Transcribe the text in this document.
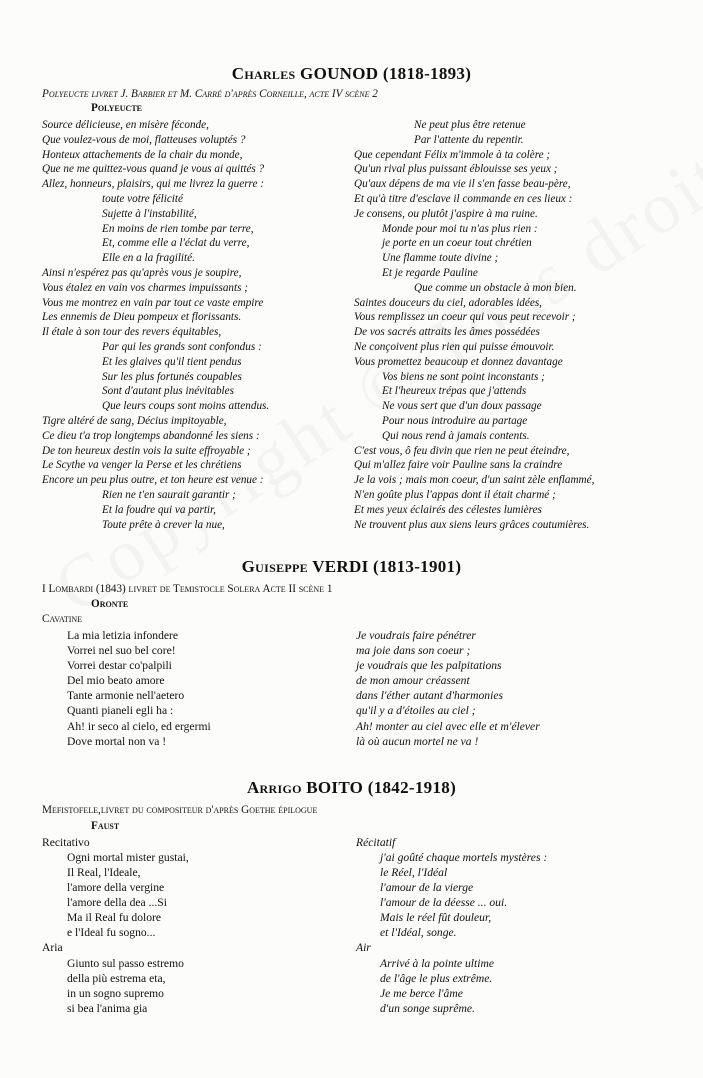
Charles GOUNOD (1818-1893)
Polyeucte livret J. Barbier et M. Carré d'après Corneille, acte IV scène 2
Polyeucte
Source délicieuse, en misère féconde,
Que voulez-vous de moi, flatteuses voluptés ?
Honteux attachements de la chair du monde,
Que ne me quittez-vous quand je vous ai quittés ?
Allez, honneurs, plaisirs, qui me livrez la guerre :
toute votre félicité
Sujette à l'instabilité,
En moins de rien tombe par terre,
Et, comme elle a l'éclat du verre,
Elle en a la fragilité.
Ainsi n'espérez pas qu'après vous je soupire,
Vous étalez en vain vos charmes impuissants ;
Vous me montrez en vain par tout ce vaste empire
Les ennemis de Dieu pompeux et florissants.
Il étale à son tour des revers équitables,
Par qui les grands sont confondus :
Et les glaives qu'il tient pendus
Sur les plus fortunés coupables
Sont d'autant plus inévitables
Que leurs coups sont moins attendus.
Tigre altéré de sang, Décius impitoyable,
Ce dieu t'a trop longtemps abandonné les siens :
De ton heureux destin vois la suite effroyable ;
Le Scythe va venger la Perse et les chrétiens
Encore un peu plus outre, et ton heure est venue :
Rien ne t'en saurait garantir ;
Et la foudre qui va partir,
Toute prête à crever la nue,
Ne peut plus être retenue
Par l'attente du repentir.
Que cependant Félix m'immole à ta colère ;
Qu'un rival plus puissant éblouisse ses yeux ;
Qu'aux dépens de ma vie il s'en fasse beau-père,
Et qu'à titre d'esclave il commande en ces lieux :
Je consens, ou plutôt j'aspire à ma ruine.
Monde pour moi tu n'as plus rien :
je porte en un coeur tout chrétien
Une flamme toute divine ;
Et je regarde Pauline
Que comme un obstacle à mon bien.
Saintes douceurs du ciel, adorables idées,
Vous remplissez un coeur qui vous peut recevoir ;
De vos sacrés attraits les âmes possédées
Ne conçoivent plus rien qui puisse émouvoir.
Vous promettez beaucoup et donnez davantage
Vos biens ne sont point inconstants ;
Et l'heureux trépas que j'attends
Ne vous sert que d'un doux passage
Pour nous introduire au partage
Qui nous rend à jamais contents.
C'est vous, ô feu divin que rien ne peut éteindre,
Qui m'allez faire voir Pauline sans la craindre
Je la vois ; mais mon coeur, d'un saint zèle enflammé,
N'en goûte plus l'appas dont il était charmé ;
Et mes yeux éclairés des célestes lumières
Ne trouvent plus aux siens leurs grâces coutumières.
Guiseppe VERDI (1813-1901)
I Lombardi (1843) livret de Temistocle Solera Acte II scène 1
Oronte
Cavatine
La mia letizia infondere
Vorrei nel suo bel core!
Vorrei destar co'palpili
Del mio beato amore
Tante armonie nell'aetero
Quanti pianeli egli ha :
Ah! ir seco al cielo, ed ergermi
Dove mortal non va !
Je voudrais faire pénétrer
ma joie dans son coeur ;
je voudrais que les palpitations
de mon amour créassent
dans l'éther autant d'harmonies
qu'il y a d'étoiles au ciel ;
Ah! monter au ciel avec elle et m'élever
là où aucun mortel ne va !
Arrigo BOITO (1842-1918)
Mefistofele,livret du compositeur d'après Goethe épilogue
Faust
Recitativo	Récitatif
Ogni mortal mister gustai,
Il Real, l'Ideale,
l'amore della vergine
l'amore della dea ...Si
Ma il Real fu dolore
e l'Ideal fu sogno...
j'ai goûté chaque mortels mystères :
le Réel, l'Idéal
l'amour de la vierge
l'amour de la déesse ... oui.
Mais le réel fût douleur,
et l'Idéal, songe.
Aria	Air
Giunto sul passo estremo
della più estrema eta,
in un sogno supremo
si bea l'anima gia
Arrivé à la pointe ultime
de l'âge le plus extrême.
Je me berce l'âme
d'un songe suprême.
